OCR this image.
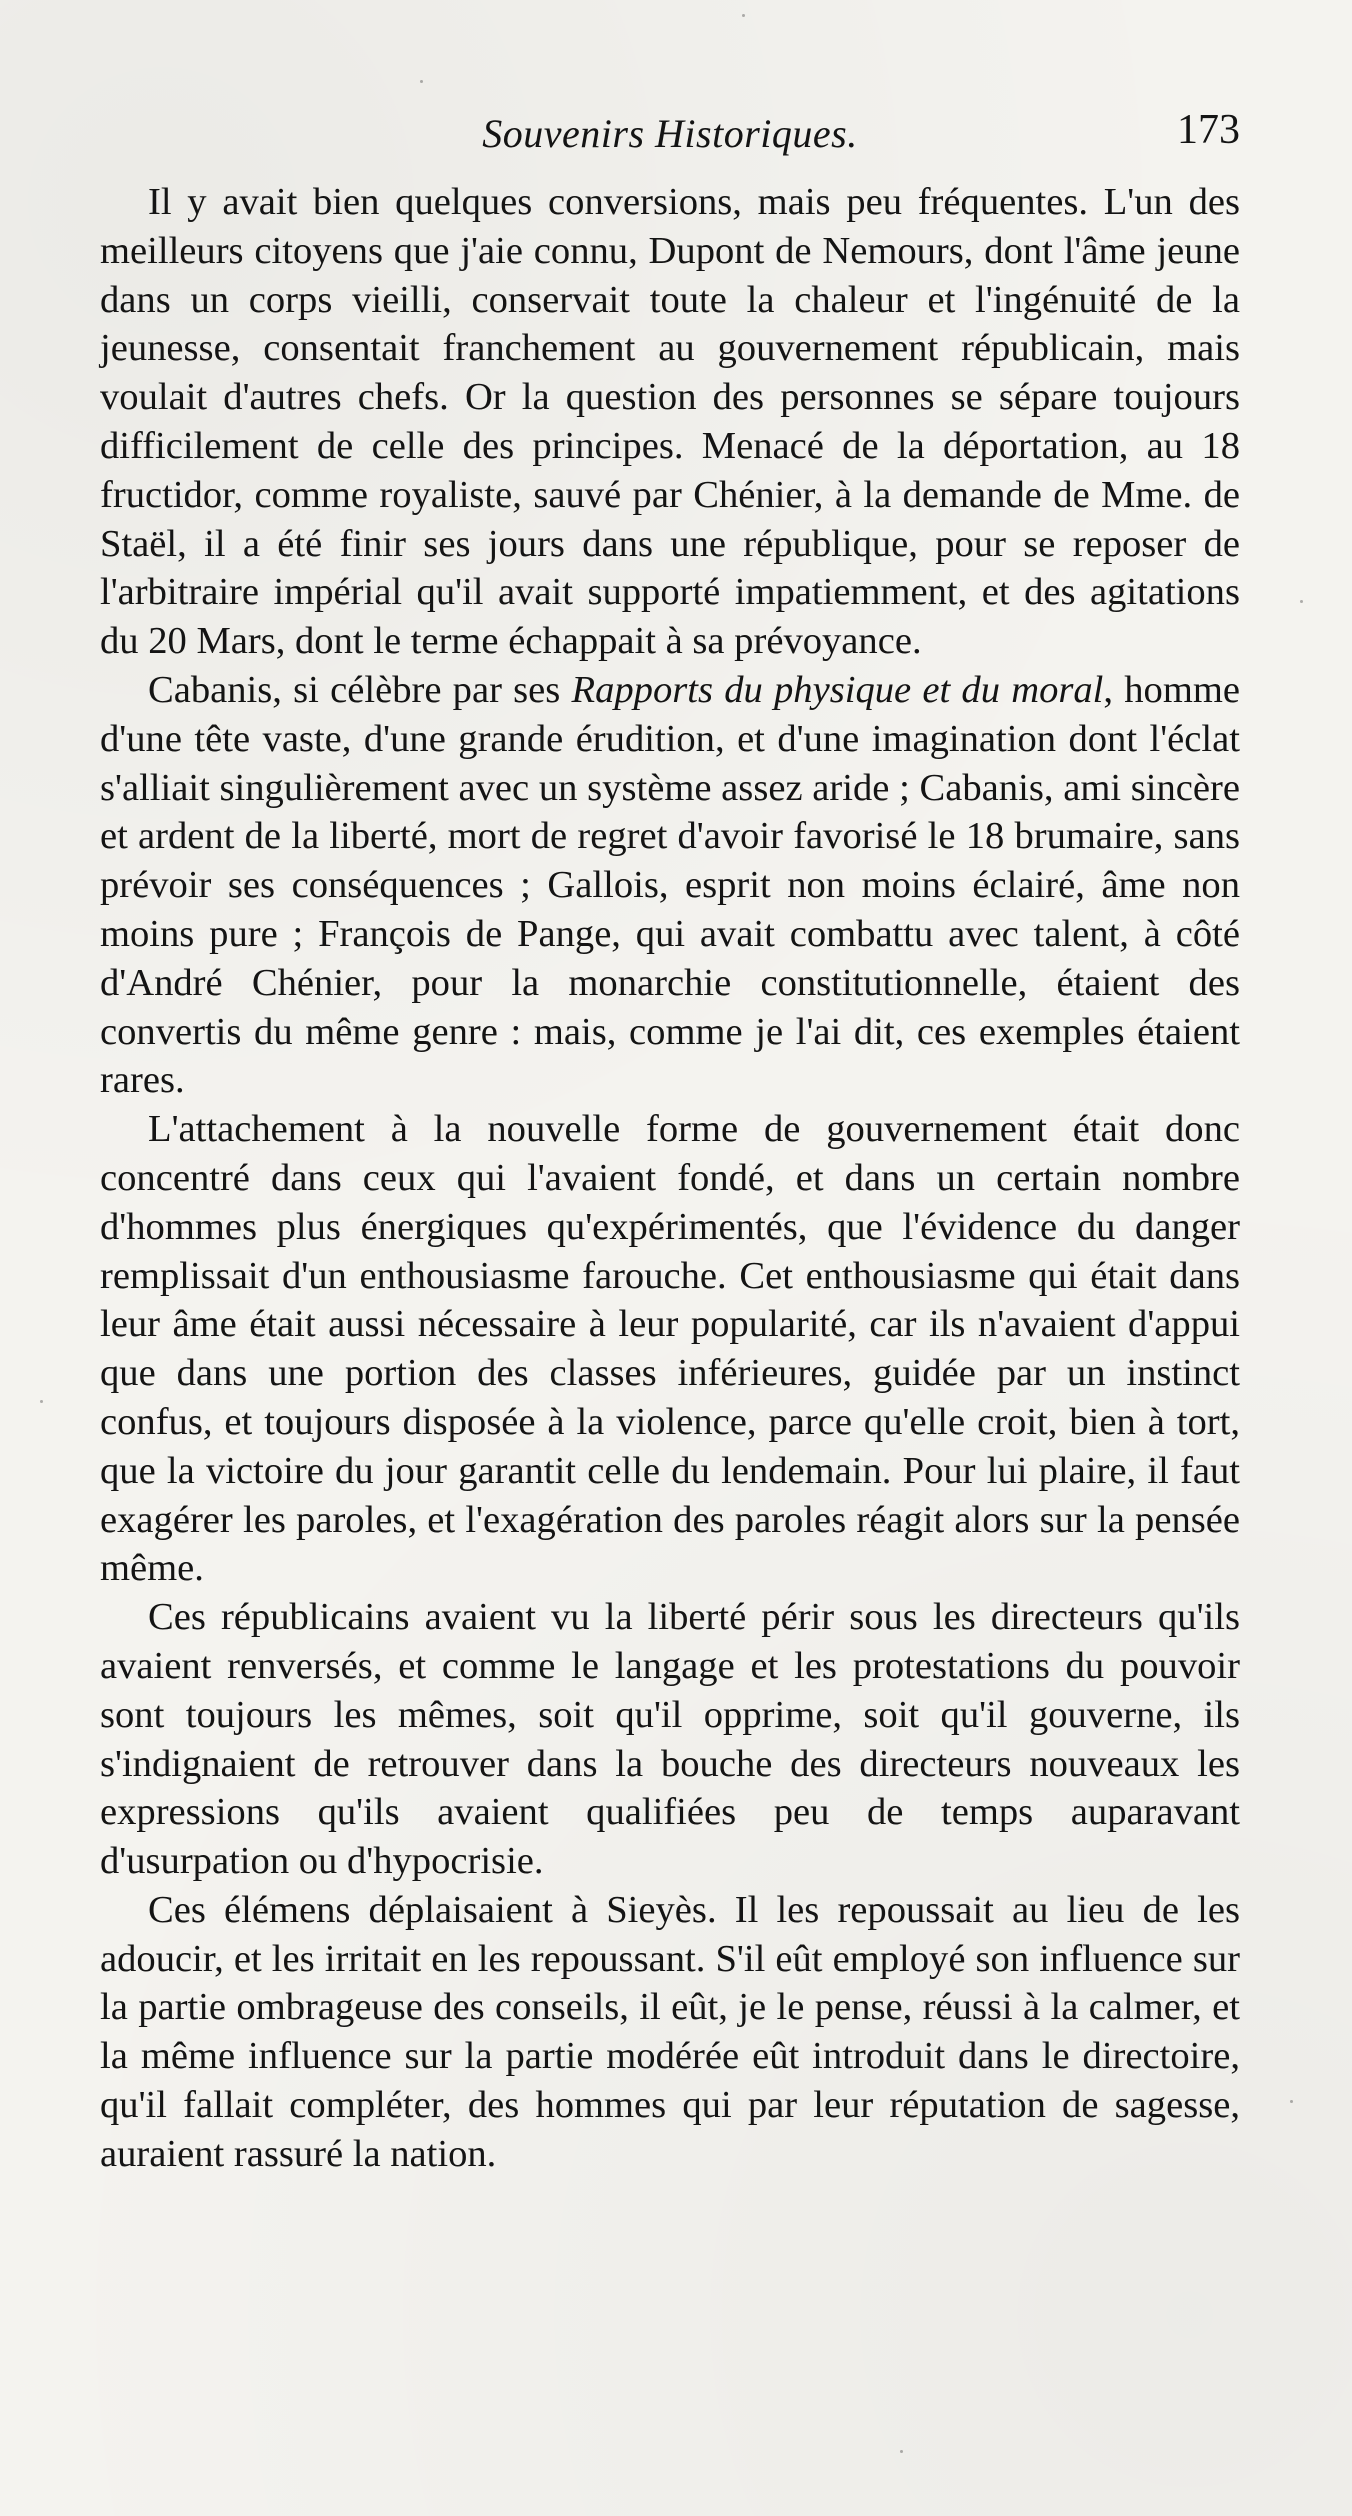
Souvenirs Historiques.	173

Il y avait bien quelques conversions, mais peu fréquentes. L'un des meilleurs citoyens que j'aie connu, Dupont de Nemours, dont l'âme jeune dans un corps vieilli, conservait toute la chaleur et l'ingénuité de la jeunesse, consentait franchement au gouvernement républicain, mais voulait d'autres chefs. Or la question des personnes se sépare toujours difficilement de celle des principes. Menacé de la déportation, au 18 fructidor, comme royaliste, sauvé par Chénier, à la demande de Mme. de Staël, il a été finir ses jours dans une république, pour se reposer de l'arbitraire impérial qu'il avait supporté impatiemment, et des agitations du 20 Mars, dont le terme échappait à sa prévoyance.

Cabanis, si célèbre par ses Rapports du physique et du moral, homme d'une tête vaste, d'une grande érudition, et d'une imagination dont l'éclat s'alliait singulièrement avec un système assez aride ; Cabanis, ami sincère et ardent de la liberté, mort de regret d'avoir favorisé le 18 brumaire, sans prévoir ses conséquences ; Gallois, esprit non moins éclairé, âme non moins pure ; François de Pange, qui avait combattu avec talent, à côté d'André Chénier, pour la monarchie constitutionnelle, étaient des convertis du même genre : mais, comme je l'ai dit, ces exemples étaient rares.

L'attachement à la nouvelle forme de gouvernement était donc concentré dans ceux qui l'avaient fondé, et dans un certain nombre d'hommes plus énergiques qu'expérimentés, que l'évidence du danger remplissait d'un enthousiasme farouche. Cet enthousiasme qui était dans leur âme était aussi nécessaire à leur popularité, car ils n'avaient d'appui que dans une portion des classes inférieures, guidée par un instinct confus, et toujours disposée à la violence, parce qu'elle croit, bien à tort, que la victoire du jour garantit celle du lendemain. Pour lui plaire, il faut exagérer les paroles, et l'exagération des paroles réagit alors sur la pensée même.

Ces républicains avaient vu la liberté périr sous les directeurs qu'ils avaient renversés, et comme le langage et les protestations du pouvoir sont toujours les mêmes, soit qu'il opprime, soit qu'il gouverne, ils s'indignaient de retrouver dans la bouche des directeurs nouveaux les expressions qu'ils avaient qualifiées peu de temps auparavant d'usurpation ou d'hypocrisie.

Ces élémens déplaisaient à Sieyès. Il les repoussait au lieu de les adoucir, et les irritait en les repoussant. S'il eût employé son influence sur la partie ombrageuse des conseils, il eût, je le pense, réussi à la calmer, et la même influence sur la partie modérée eût introduit dans le directoire, qu'il fallait compléter, des hommes qui par leur réputation de sagesse, auraient rassuré la nation.
